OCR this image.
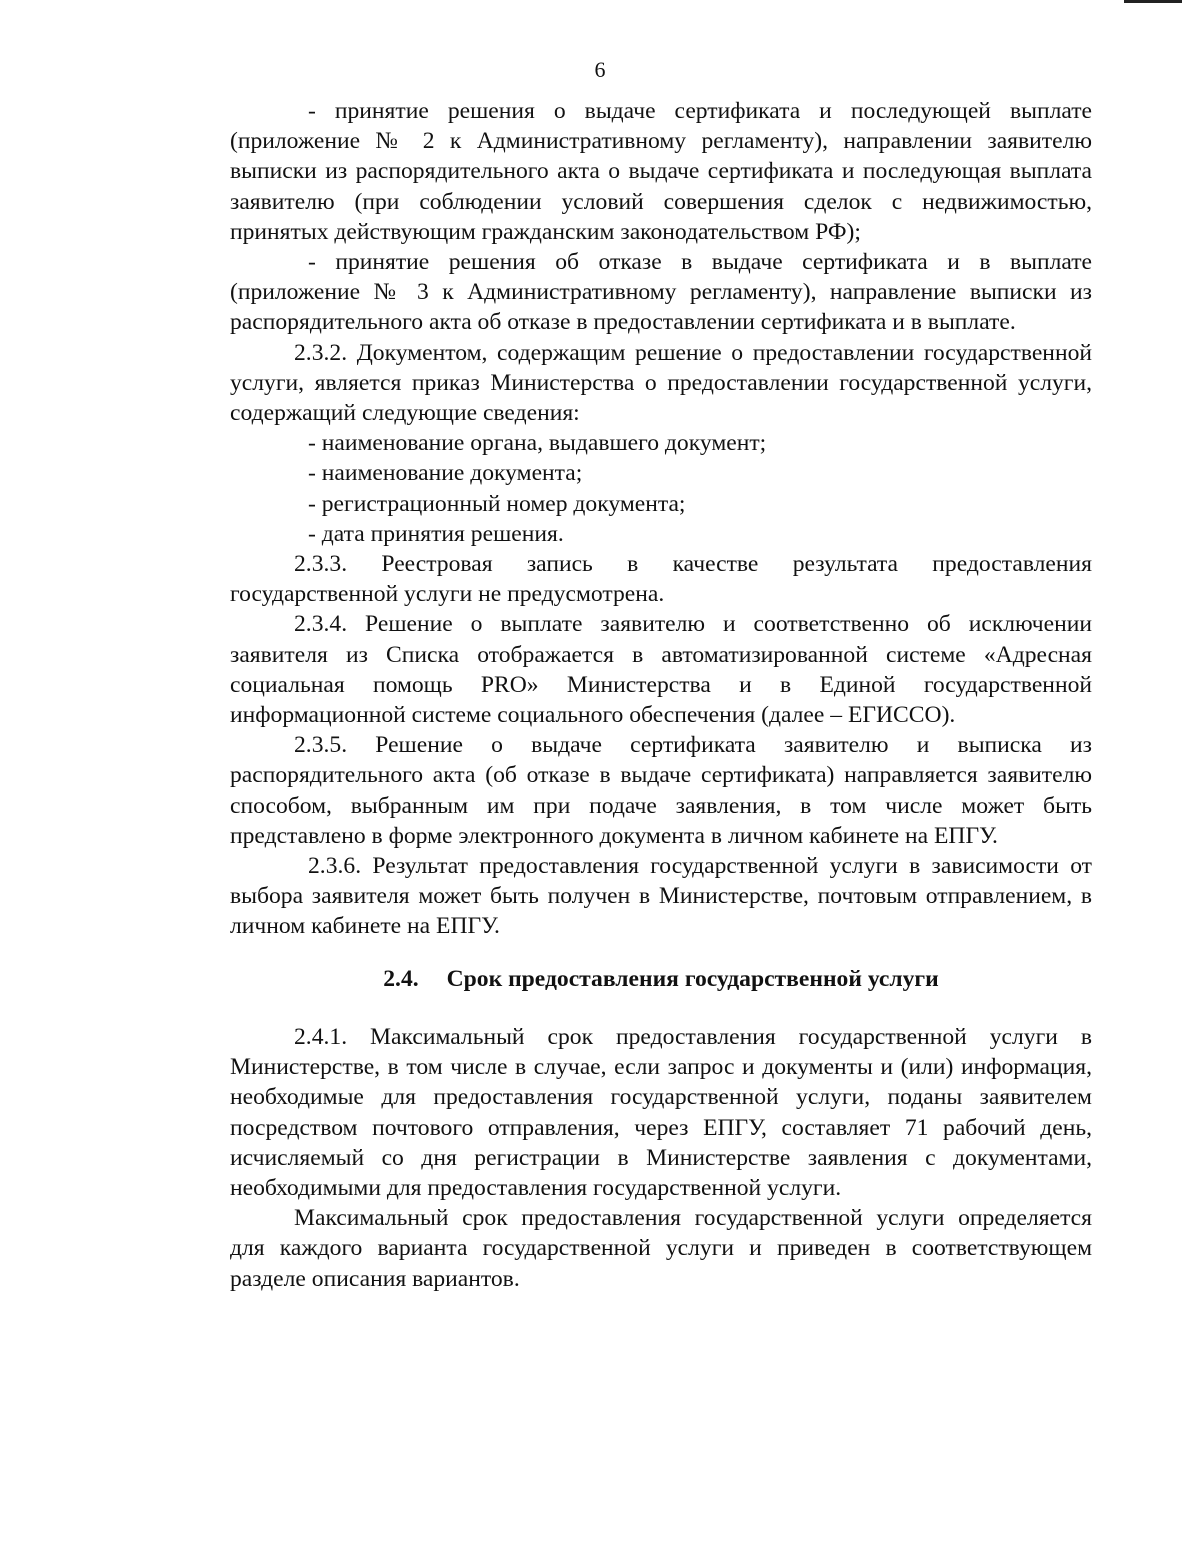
6

- принятие решения о выдаче сертификата и последующей выплате (приложение № 2 к Административному регламенту), направлении заявителю выписки из распорядительного акта о выдаче сертификата и последующая выплата заявителю (при соблюдении условий совершения сделок с недвижимостью, принятых действующим гражданским законодательством РФ);

- принятие решения об отказе в выдаче сертификата и в выплате (приложение № 3 к Административному регламенту), направление выписки из распорядительного акта об отказе в предоставлении сертификата и в выплате.

2.3.2. Документом, содержащим решение о предоставлении государственной услуги, является приказ Министерства о предоставлении государственной услуги, содержащий следующие сведения:

- наименование органа, выдавшего документ;

- наименование документа;

- регистрационный номер документа;

- дата принятия решения.

2.3.3. Реестровая запись в качестве результата предоставления государственной услуги не предусмотрена.

2.3.4. Решение о выплате заявителю и соответственно об исключении заявителя из Списка отображается в автоматизированной системе «Адресная социальная помощь PRO» Министерства и в Единой государственной информационной системе социального обеспечения (далее – ЕГИССО).

2.3.5. Решение о выдаче сертификата заявителю и выписка из распорядительного акта (об отказе в выдаче сертификата) направляется заявителю способом, выбранным им при подаче заявления, в том числе может быть представлено в форме электронного документа в личном кабинете на ЕПГУ.

2.3.6. Результат предоставления государственной услуги в зависимости от выбора заявителя может быть получен в Министерстве, почтовым отправлением, в личном кабинете на ЕПГУ.

2.4. Срок предоставления государственной услуги

2.4.1. Максимальный срок предоставления государственной услуги в Министерстве, в том числе в случае, если запрос и документы и (или) информация, необходимые для предоставления государственной услуги, поданы заявителем посредством почтового отправления, через ЕПГУ, составляет 71 рабочий день, исчисляемый со дня регистрации в Министерстве заявления с документами, необходимыми для предоставления государственной услуги.

Максимальный срок предоставления государственной услуги определяется для каждого варианта государственной услуги и приведен в соответствующем разделе описания вариантов.
